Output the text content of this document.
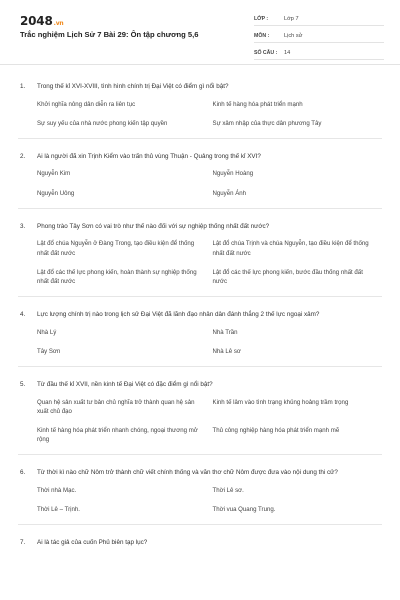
2048.vn
Trắc nghiệm Lịch Sử 7 Bài 29: Ôn tập chương 5,6
LỚP :	Lớp 7
MÔN :	Lịch sử
SỐ CÂU :	14
1.	Trong thế kỉ XVI-XVIII, tình hình chính trị Đại Việt có điểm gì nổi bật?
Khởi nghĩa nông dân diễn ra liên tục	Kinh tế hàng hóa phát triển mạnh
Sự suy yếu của nhà nước phong kiến tập quyền	Sự xâm nhập của thực dân phương Tây
2.	Ai là người đã xin Trịnh Kiểm vào trấn thủ vùng Thuận - Quảng trong thế kỉ XVI?
Nguyễn Kim	Nguyễn Hoàng
Nguyễn Uông	Nguyễn Ánh
3.	Phong trào Tây Sơn có vai trò như thế nào đối với sự nghiệp thống nhất đất nước?
Lật đổ chúa Nguyễn ở Đàng Trong, tạo điều kiện để thống nhất đất nước
Lật đổ chúa Trịnh và chúa Nguyễn, tạo điều kiện để thống nhất đất nước
Lật đổ các thế lực phong kiến, hoàn thành sự nghiệp thống nhất đất nước
Lật đổ các thế lực phong kiến, bước đầu thống nhất đất nước
4.	Lực lượng chính trị nào trong lịch sử Đại Việt đã lãnh đạo nhân dân đánh thắng 2 thế lực ngoại xâm?
Nhà Lý	Nhà Trần
Tây Sơn	Nhà Lê sơ
5.	Từ đầu thế kỉ XVII, nền kinh tế Đại Việt có đặc điểm gì nổi bật?
Quan hệ sản xuất tư bản chủ nghĩa trở thành quan hệ sản xuất chủ đạo
Kinh tế lâm vào tình trạng khủng hoảng trầm trọng
Kinh tế hàng hóa phát triển nhanh chóng, ngoại thương mở rộng
Thủ công nghiệp hàng hóa phát triển mạnh mẽ
6.	Từ thời kì nào chữ Nôm trở thành chữ viết chính thống và văn thơ chữ Nôm được đưa vào nội dung thi cử?
Thời nhà Mạc.	Thời Lê sơ.
Thời Lê – Trịnh.	Thời vua Quang Trung.
7.	Ai là tác giả của cuốn Phủ biên tạp lục?
